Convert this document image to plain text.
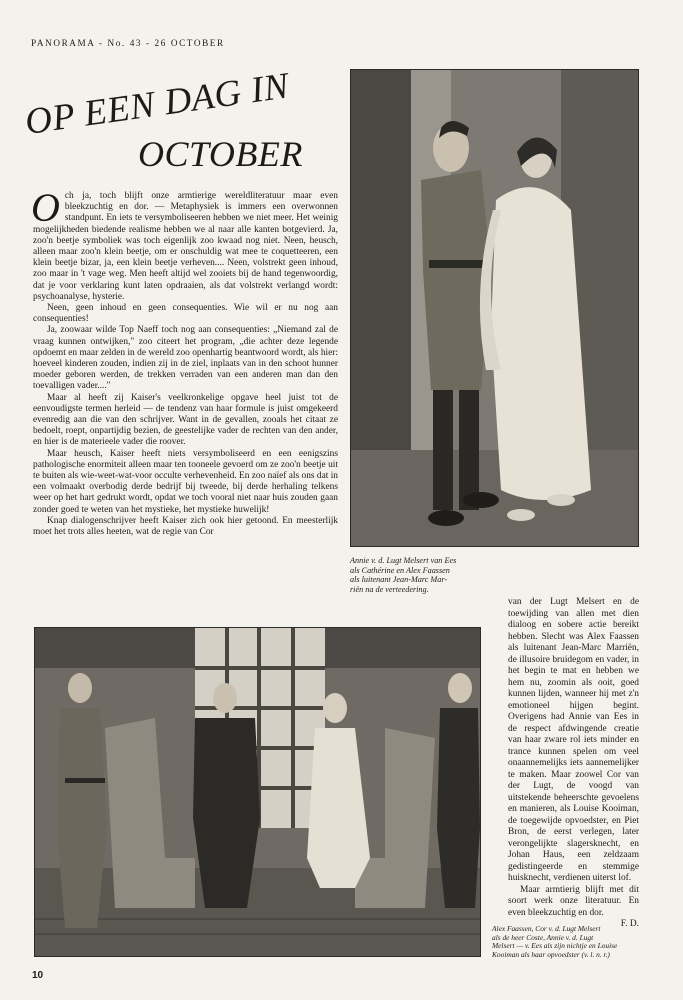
PANORAMA - No. 43 - 26 OCTOBER
OP EEN DAG IN
OCTOBER
O ch ja, toch blijft onze armtierige wereldliteratuur maar even bleekzuchtig en dor. — Metaphysiek is immers een overwonnen standpunt. En iets te versymboliseeren hebben we niet meer. Het weinig mogelijkheden biedende realisme hebben we al naar alle kanten botgevierd. Ja, zoo'n beetje symboliek was toch eigenlijk zoo kwaad nog niet. Neen, heusch, alleen maar zoo'n klein beetje, om er onschuldig wat mee te coquetteeren, een klein beetje bizar, ja, een klein beetje verheven.... Neen, volstrekt geen inhoud, zoo maar in 't vage weg. Men heeft altijd wel zooiets bij de hand tegenwoordig, dat je voor verklaring kunt laten opdraaien, als dat volstrekt verlangd wordt: psychoanalyse, hysterie.

Neen, geen inhoud en geen consequenties. Wie wil er nu nog aan consequenties!

Ja, zoowaar wilde Top Naeff toch nog aan consequenties: „Niemand zal de vraag kunnen ontwijken," zoo citeert het program, „die achter deze legende opdoemt en maar zelden in de wereld zoo openhartig beantwoord wordt, als hier: hoeveel kinderen zouden, indien zij in de ziel, inplaats van in den schoot hunner moeder geboren werden, de trekken verraden van een anderen man dan den toevalligen vader...."

Maar al heeft zij Kaiser's veelkronkelige opgave heel juist tot de eenvoudigste termen herleid — de tendenz van haar formule is juist omgekeerd evenredig aan die van den schrijver. Want in de gevallen, zooals het citaat ze bedoelt, roept, onpartijdig bezien, de geestelijke vader de rechten van den ander, en hier is de materieele vader die roover.

Maar heusch, Kaiser heeft niets versymboliseerd en een eenigszins pathologische enormiteit alleen maar ten tooneele gevoerd om ze zoo'n beetje uit te buiten als wie-weet-wat-voor occulte verhevenheid. En zoo naïef als ons dat in een volmaakt overbodig derde bedrijf bij tweede, bij derde herhaling telkens weer op het hart gedrukt wordt, opdat we toch vooral niet naar huis zouden gaan zonder goed te weten van het mystieke, het mystieke huwelijk!

Knap dialogenschrijver heeft Kaiser zich ook hier getoond. En meesterlijk moet het trots alles heeten, wat de regie van Cor

Annie v. d. Lugt Melsert van Ees
als Cathérine en Alex Faassen
als luitenant Jean-Marc Mar-
riën na de verteedering.

van der Lugt Melsert en de toewijding van allen met dien dialoog en sobere actie bereikt hebben. Slecht was Alex Faassen als luitenant Jean-Marc Marriën, de illusoire bruidegom en vader, in het begin te mat en hebben we hem nu, zoomin als ooit, goed kunnen lijden, wanneer hij met z'n emotioneel hijgen begint. Overigens had Annie van Ees in de respect afdwingende creatie van haar zware rol iets minder en trance kunnen spelen om veel onaannemelijks iets aannemelijker te maken. Maar zoowel Cor van der Lugt, de voogd van uitstekende beheerschte gevoelens en manieren, als Louise Kooiman, de toegewijde opvoedster, en Piet Bron, de eerst verlegen, later verongelijkte slagersknecht, en Johan Haus, een zeldzaam gedistingeerde en stemmige huisknecht, verdienen uiterst lof.

Maar armtierig blijft met dit soort werk onze literatuur. En even bleekzuchtig en dor.

F. D.

Alex Faassen, Cor v. d. Lugt Melsert
als de heer Coste, Annie v. d. Lugt
Melsert — v. Ees als zijn nichtje en Louise
Kooiman als haar opvoedster (v. l. n. r.)
10
